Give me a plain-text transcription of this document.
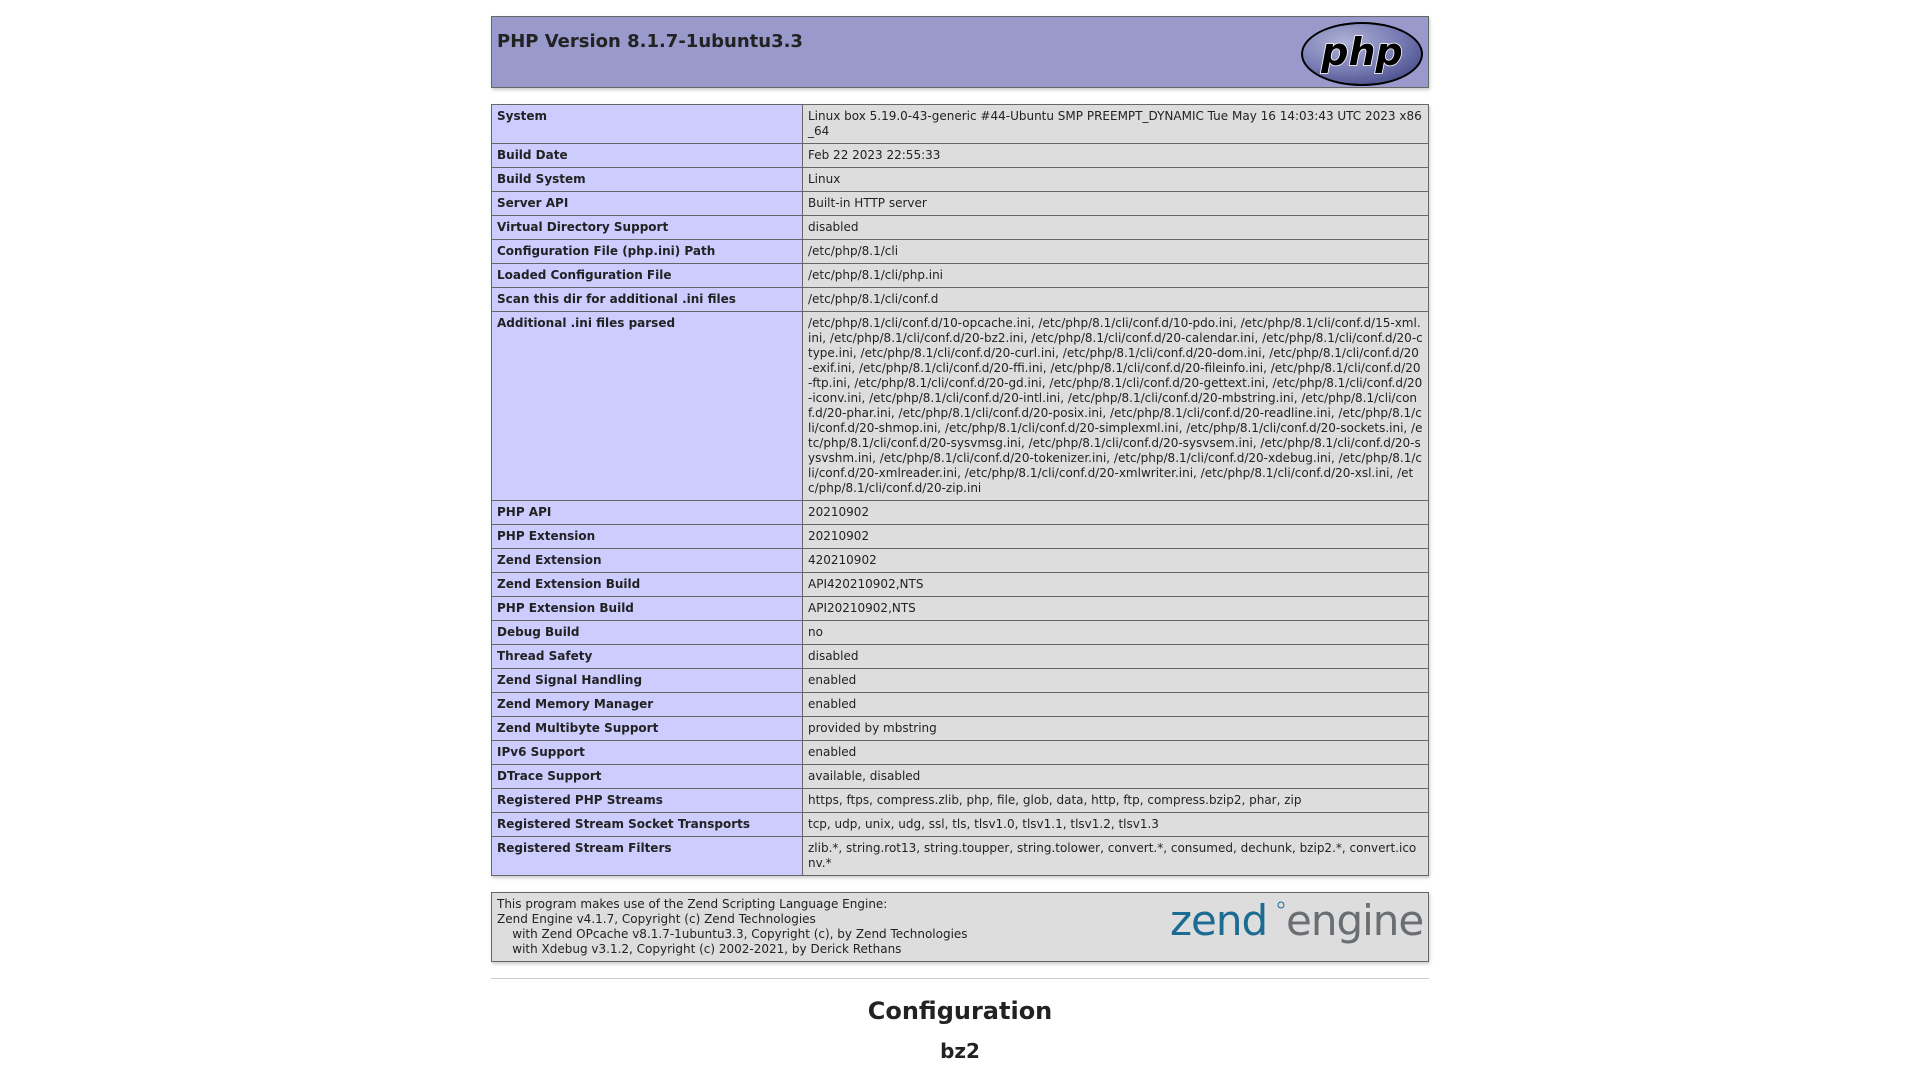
PHP Version 8.1.7-1ubuntu3.3	php
System	Linux box 5.19.0-43-generic #44-Ubuntu SMP PREEMPT_DYNAMIC Tue May 16 14:03:43 UTC 2023 x86_64
Build Date	Feb 22 2023 22:55:33
Build System	Linux
Server API	Built-in HTTP server
Virtual Directory Support	disabled
Configuration File (php.ini) Path	/etc/php/8.1/cli
Loaded Configuration File	/etc/php/8.1/cli/php.ini
Scan this dir for additional .ini files	/etc/php/8.1/cli/conf.d
Additional .ini files parsed	/etc/php/8.1/cli/conf.d/10-opcache.ini, /etc/php/8.1/cli/conf.d/10-pdo.ini, /etc/php/8.1/cli/conf.d/15-xml.ini, /etc/php/8.1/cli/conf.d/20-bz2.ini, /etc/php/8.1/cli/conf.d/20-calendar.ini, /etc/php/8.1/cli/conf.d/20-ctype.ini, /etc/php/8.1/cli/conf.d/20-curl.ini, /etc/php/8.1/cli/conf.d/20-dom.ini, /etc/php/8.1/cli/conf.d/20-exif.ini, /etc/php/8.1/cli/conf.d/20-ffi.ini, /etc/php/8.1/cli/conf.d/20-fileinfo.ini, /etc/php/8.1/cli/conf.d/20-ftp.ini, /etc/php/8.1/cli/conf.d/20-gd.ini, /etc/php/8.1/cli/conf.d/20-gettext.ini, /etc/php/8.1/cli/conf.d/20-iconv.ini, /etc/php/8.1/cli/conf.d/20-intl.ini, /etc/php/8.1/cli/conf.d/20-mbstring.ini, /etc/php/8.1/cli/conf.d/20-phar.ini, /etc/php/8.1/cli/conf.d/20-posix.ini, /etc/php/8.1/cli/conf.d/20-readline.ini, /etc/php/8.1/cli/conf.d/20-shmop.ini, /etc/php/8.1/cli/conf.d/20-simplexml.ini, /etc/php/8.1/cli/conf.d/20-sockets.ini, /etc/php/8.1/cli/conf.d/20-sysvmsg.ini, /etc/php/8.1/cli/conf.d/20-sysvsem.ini, /etc/php/8.1/cli/conf.d/20-sysvshm.ini, /etc/php/8.1/cli/conf.d/20-tokenizer.ini, /etc/php/8.1/cli/conf.d/20-xdebug.ini, /etc/php/8.1/cli/conf.d/20-xmlreader.ini, /etc/php/8.1/cli/conf.d/20-xmlwriter.ini, /etc/php/8.1/cli/conf.d/20-xsl.ini, /etc/php/8.1/cli/conf.d/20-zip.ini
PHP API	20210902
PHP Extension	20210902
Zend Extension	420210902
Zend Extension Build	API420210902,NTS
PHP Extension Build	API20210902,NTS
Debug Build	no
Thread Safety	disabled
Zend Signal Handling	enabled
Zend Memory Manager	enabled
Zend Multibyte Support	provided by mbstring
IPv6 Support	enabled
DTrace Support	available, disabled
Registered PHP Streams	https, ftps, compress.zlib, php, file, glob, data, http, ftp, compress.bzip2, phar, zip
Registered Stream Socket Transports	tcp, udp, unix, udg, ssl, tls, tlsv1.0, tlsv1.1, tlsv1.2, tlsv1.3
Registered Stream Filters	zlib.*, string.rot13, string.toupper, string.tolower, convert.*, consumed, dechunk, bzip2.*, convert.iconv.*

This program makes use of the Zend Scripting Language Engine:

Zend Engine v4.1.7, Copyright (c) Zend Technologies

with Zend OPcache v8.1.7-1ubuntu3.3, Copyright (c), by Zend Technologies

with Xdebug v3.1.2, Copyright (c) 2002-2021, by Derick Rethans

zend engine
Configuration
bz2
